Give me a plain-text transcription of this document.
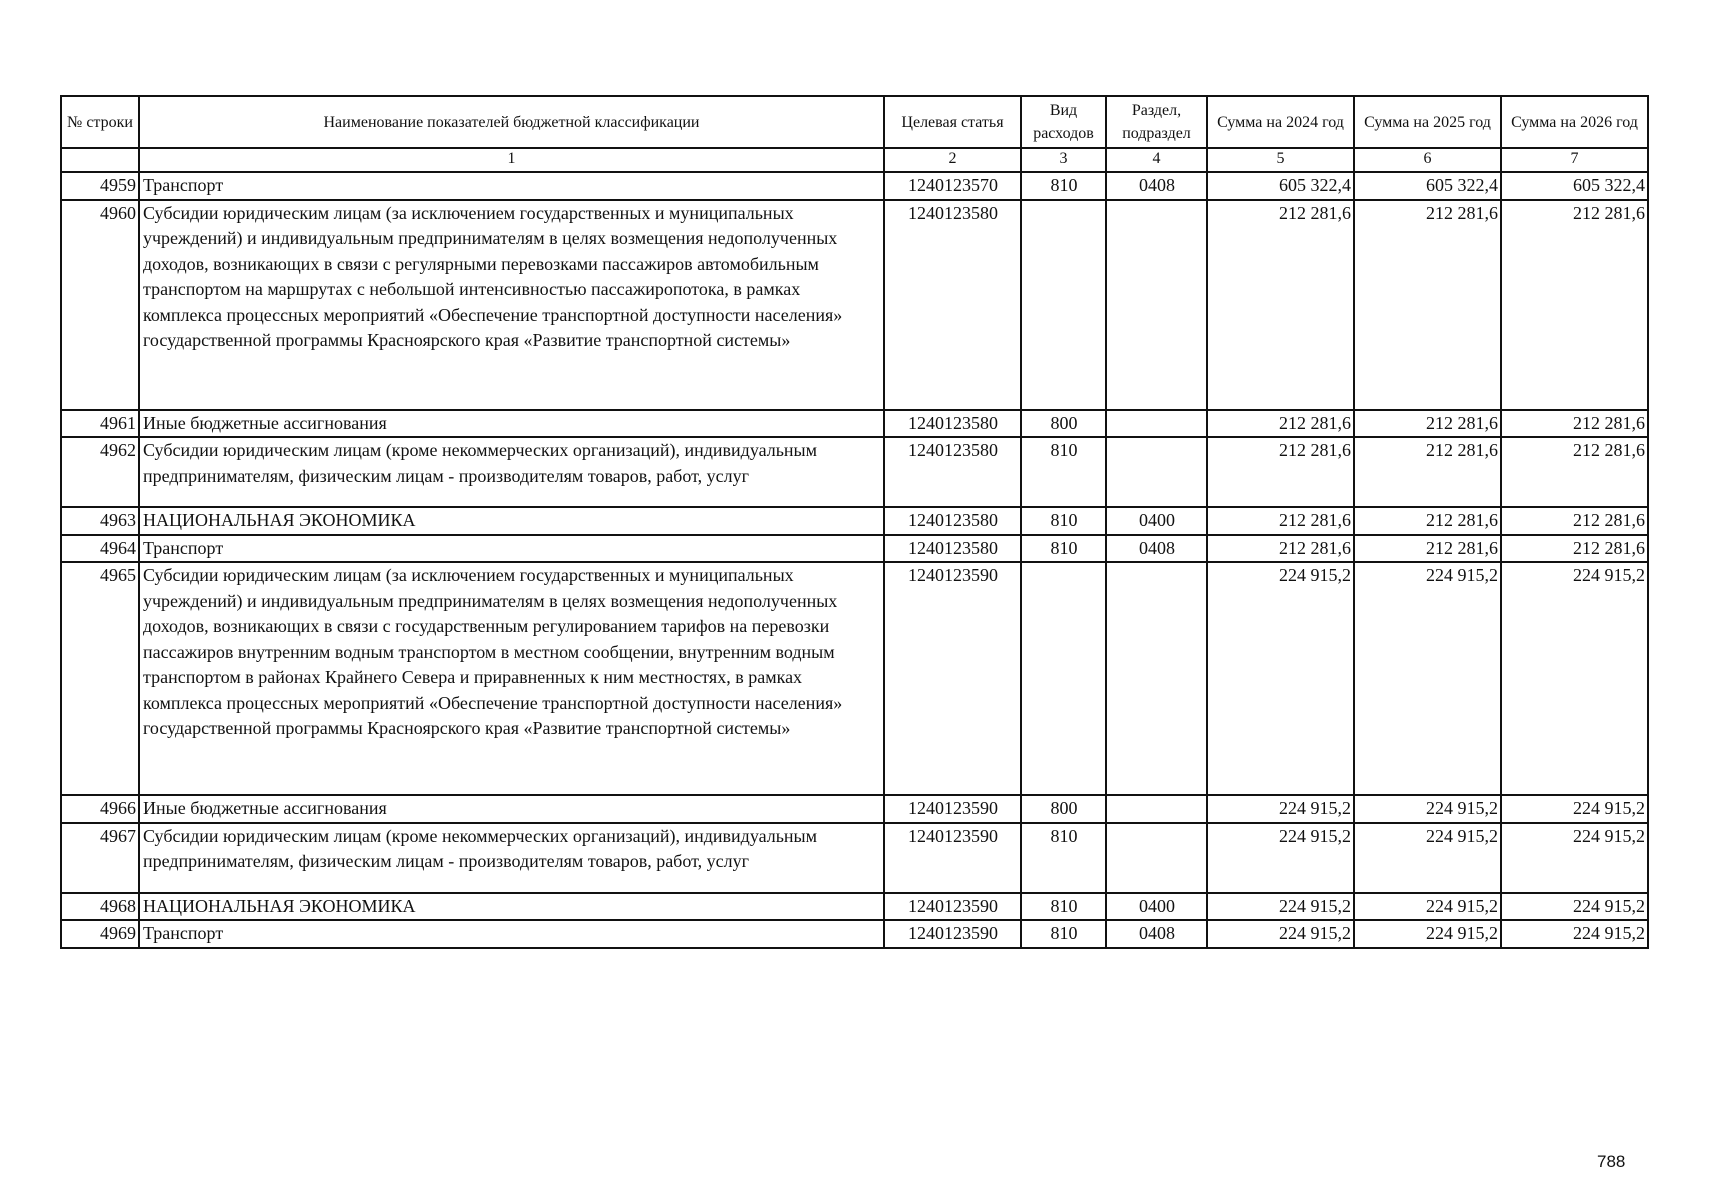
№ строки	Наименование показателей бюджетной классификации	Целевая статья	Вид расходов	Раздел, подраздел	Сумма на 2024 год	Сумма на 2025 год	Сумма на 2026 год
	1	2	3	4	5	6	7
4959	Транспорт	1240123570	810	0408	605 322,4	605 322,4	605 322,4
4960	Субсидии юридическим лицам (за исключением государственных и муниципальных учреждений) и индивидуальным предпринимателям в целях возмещения недополученных доходов, возникающих в связи с регулярными перевозками пассажиров автомобильным транспортом на маршрутах с небольшой интенсивностью пассажиропотока, в рамках комплекса процессных мероприятий «Обеспечение транспортной доступности населения» государственной программы Красноярского края «Развитие транспортной системы»	1240123580			212 281,6	212 281,6	212 281,6
4961	Иные бюджетные ассигнования	1240123580	800		212 281,6	212 281,6	212 281,6
4962	Субсидии юридическим лицам (кроме некоммерческих организаций), индивидуальным предпринимателям, физическим лицам - производителям товаров, работ, услуг	1240123580	810		212 281,6	212 281,6	212 281,6
4963	НАЦИОНАЛЬНАЯ ЭКОНОМИКА	1240123580	810	0400	212 281,6	212 281,6	212 281,6
4964	Транспорт	1240123580	810	0408	212 281,6	212 281,6	212 281,6
4965	Субсидии юридическим лицам (за исключением государственных и муниципальных учреждений) и индивидуальным предпринимателям в целях возмещения недополученных доходов, возникающих в связи с государственным регулированием тарифов на перевозки пассажиров внутренним водным транспортом в местном сообщении, внутренним водным транспортом в районах Крайнего Севера и приравненных к ним местностях, в рамках комплекса процессных мероприятий «Обеспечение транспортной доступности населения» государственной программы Красноярского края «Развитие транспортной системы»	1240123590			224 915,2	224 915,2	224 915,2
4966	Иные бюджетные ассигнования	1240123590	800		224 915,2	224 915,2	224 915,2
4967	Субсидии юридическим лицам (кроме некоммерческих организаций), индивидуальным предпринимателям, физическим лицам - производителям товаров, работ, услуг	1240123590	810		224 915,2	224 915,2	224 915,2
4968	НАЦИОНАЛЬНАЯ ЭКОНОМИКА	1240123590	810	0400	224 915,2	224 915,2	224 915,2
4969	Транспорт	1240123590	810	0408	224 915,2	224 915,2	224 915,2
788
